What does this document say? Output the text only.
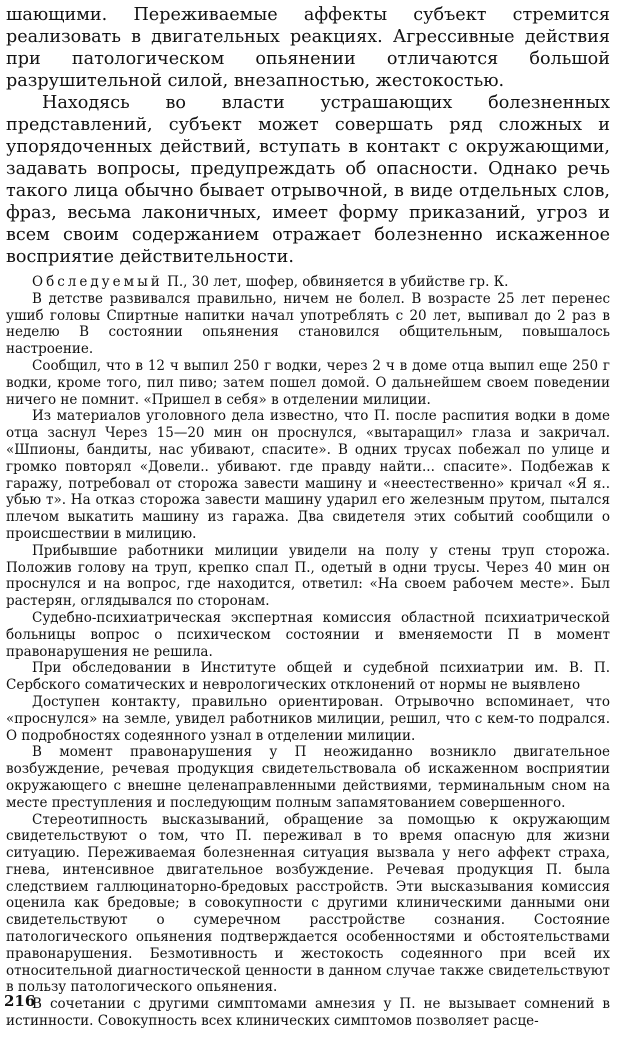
шающими. Переживаемые аффекты субъект стремится реализовать в двигательных реакциях. Агрессивные действия при патологическом опьянении отличаются большой разрушительной силой, внезапностью, жестокостью.

Находясь во власти устрашающих болезненных представлений, субъект может совершать ряд сложных и упорядоченных действий, вступать в контакт с окружающими, задавать вопросы, предупреждать об опасности. Однако речь такого лица обычно бывает отрывочной, в виде отдельных слов, фраз, весьма лаконичных, имеет форму приказаний, угроз и всем своим содержанием отражает болезненно искаженное восприятие действительности.

Обследуемый П., 30 лет, шофер, обвиняется в убийстве гр. К.

В детстве развивался правильно, ничем не болел. В возрасте 25 лет перенес ушиб головы Спиртные напитки начал употреблять с 20 лет, выпивал до 2 раз в неделю В состоянии опьянения становился общительным, повышалось настроение.

Сообщил, что в 12 ч выпил 250 г водки, через 2 ч в доме отца выпил еще 250 г водки, кроме того, пил пиво; затем пошел домой. О дальнейшем своем поведении ничего не помнит. «Пришел в себя» в отделении милиции.

Из материалов уголовного дела известно, что П. после распития водки в доме отца заснул Через 15—20 мин он проснулся, «вытаращил» глаза и закричал. «Шпионы, бандиты, нас убивают, спасите». В одних трусах побежал по улице и громко повторял «Довели.. убивают. где правду найти... спасите». Подбежав к гаражу, потребовал от сторожа завести машину и «неестественно» кричал «Я я.. убью т». На отказ сторожа завести машину ударил его железным прутом, пытался плечом выкатить машину из гаража. Два свидетеля этих событий сообщили о происшествии в милицию.

Прибывшие работники милиции увидели на полу у стены труп сторожа. Положив голову на труп, крепко спал П., одетый в одни трусы. Через 40 мин он проснулся и на вопрос, где находится, ответил: «На своем рабочем месте». Был растерян, оглядывался по сторонам.

Судебно-психиатрическая экспертная комиссия областной психиатрической больницы вопрос о психическом состоянии и вменяемости П в момент правонарушения не решила.

При обследовании в Институте общей и судебной психиатрии им. В. П. Сербского соматических и неврологических отклонений от нормы не выявлено

Доступен контакту, правильно ориентирован. Отрывочно вспоминает, что «проснулся» на земле, увидел работников милиции, решил, что с кем-то подрался. О подробностях содеянного узнал в отделении милиции.

В момент правонарушения у П неожиданно возникло двигательное возбуждение, речевая продукция свидетельствовала об искаженном восприятии окружающего с внешне целенаправленными действиями, терминальным сном на месте преступления и последующим полным запамятованием совершенного.

Стереотипность высказываний, обращение за помощью к окружающим свидетельствуют о том, что П. переживал в то время опасную для жизни ситуацию. Переживаемая болезненная ситуация вызвала у него аффект страха, гнева, интенсивное двигательное возбуждение. Речевая продукция П. была следствием галлюцинаторно-бредовых расстройств. Эти высказывания комиссия оценила как бредовые; в совокупности с другими клиническими данными они свидетельствуют о сумеречном расстройстве сознания. Состояние патологического опьянения подтверждается особенностями и обстоятельствами правонарушения. Безмотивность и жестокость содеянного при всей их относительной диагностической ценности в данном случае также свидетельствуют в пользу патологического опьянения.

В сочетании с другими симптомами амнезия у П. не вызывает сомнений в истинности. Совокупность всех клинических симптомов позволяет расце-

216
